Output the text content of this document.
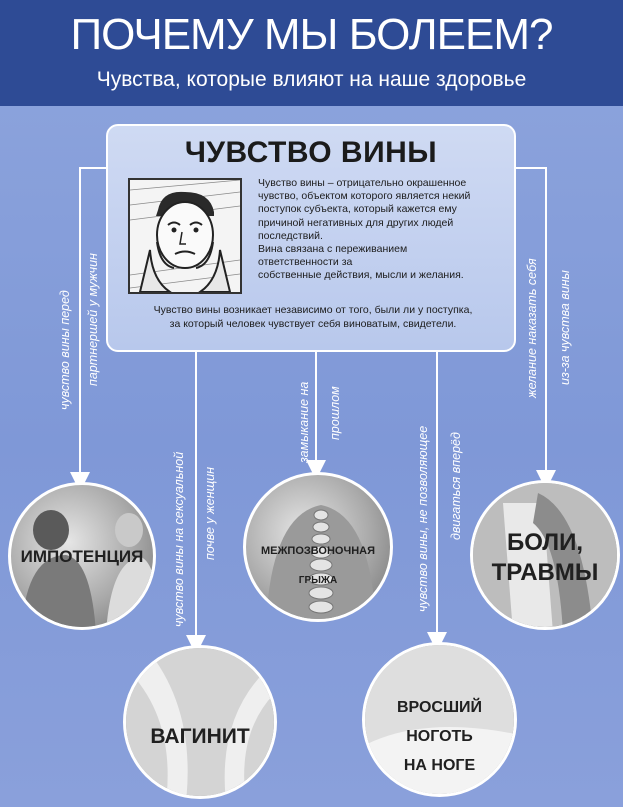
ПОЧЕМУ МЫ БОЛЕЕМ?
Чувства, которые влияют на наше здоровье
ЧУВСТВО ВИНЫ
Чувство вины – отрицательно окрашенное
чувство, объектом которого является некий
поступок субъекта, который кажется ему
причиной негативных для других людей
последствий.
Вина связана с переживанием
ответственности за
собственные действия, мысли и желания.
Чувство вины возникает независимо от того, были ли у поступка,
за который человек чувствует себя виноватым, свидетели.
чувство вины перед партнершей у мужчин
чувство вины на сексуальной почве у женщин
замыкание на прошлом
чувство вины, не позволяющее двигаться вперёд
желание наказать себя из-за чувства вины
ИМПОТЕНЦИЯ	МЕЖПОЗВОНОЧНАЯ
ГРЫЖА
БОЛИ,
ТРАВМЫ
ВАГИНИТ
ВРОСШИЙ
НОГОТЬ
НА НОГЕ
